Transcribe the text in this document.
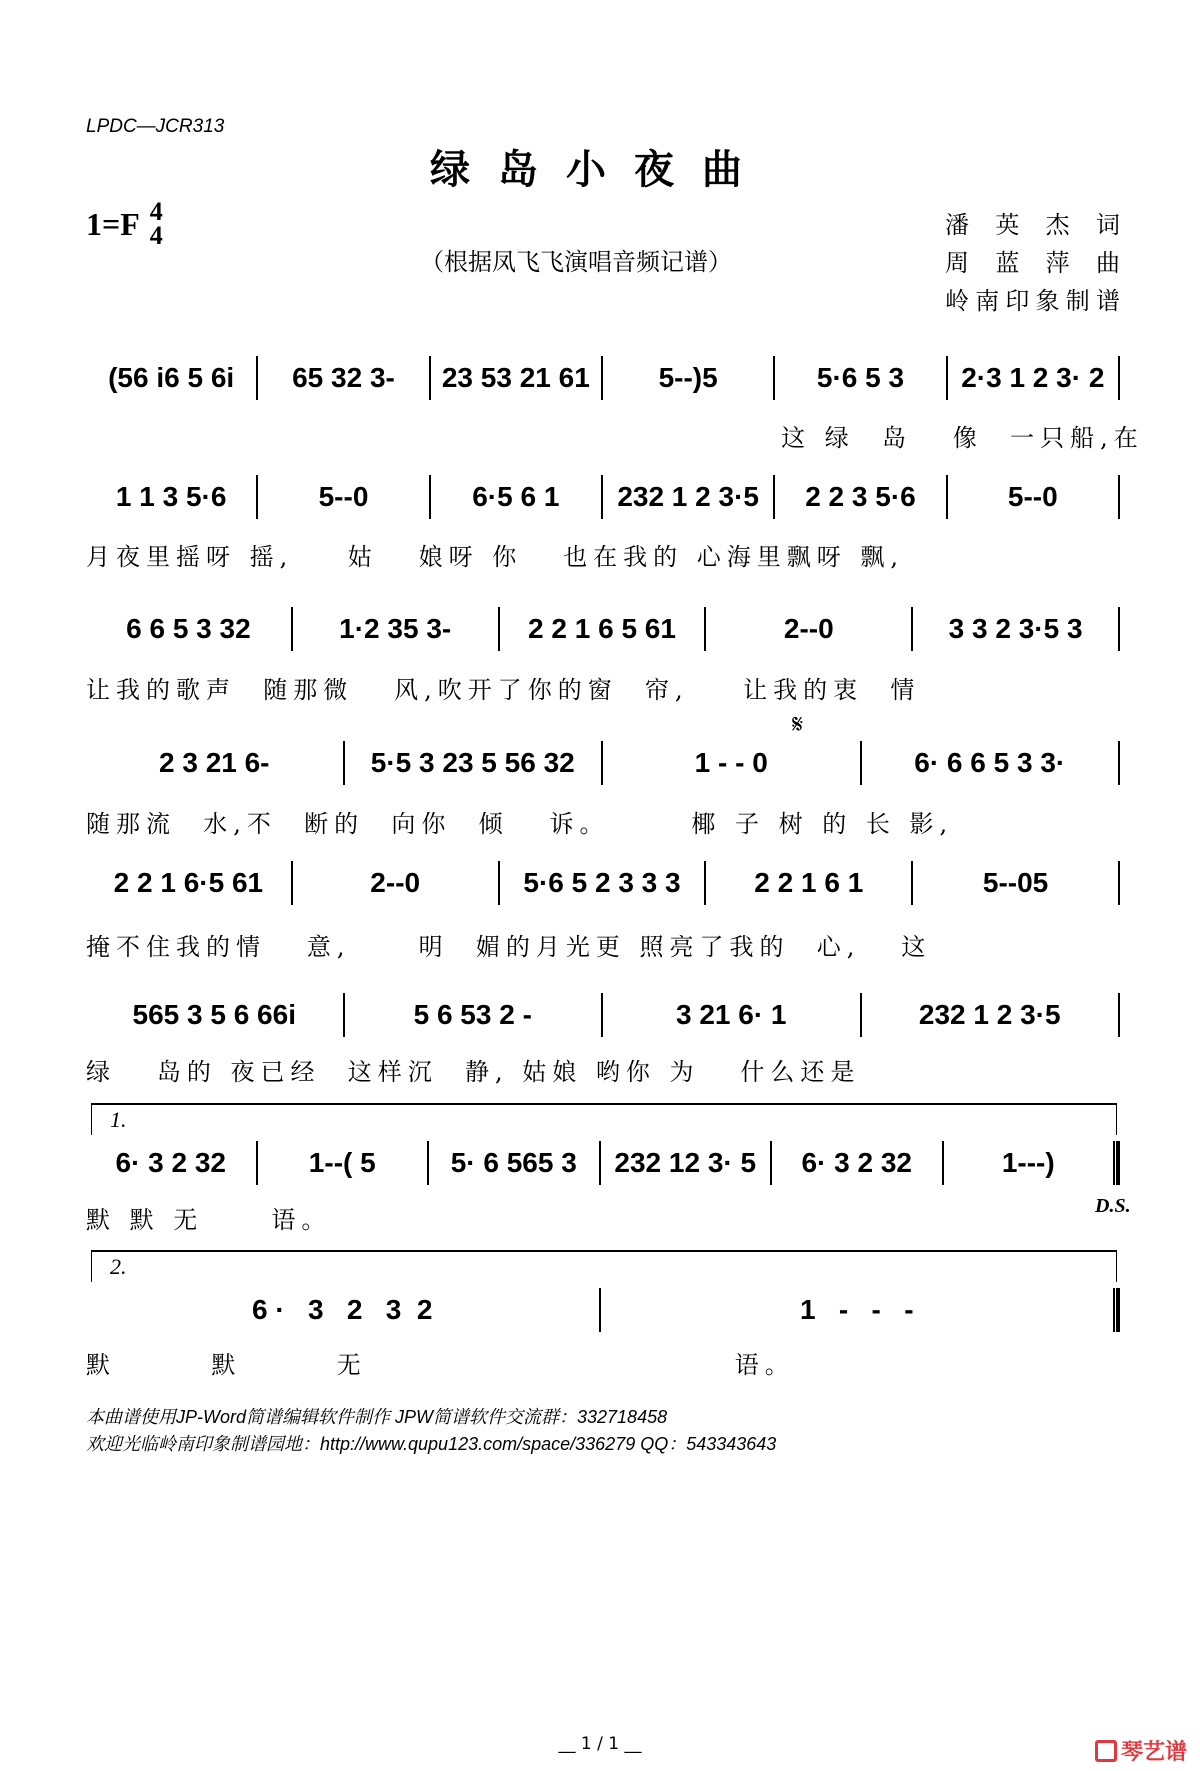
LPDC—JCR313
绿岛小夜曲
1=F 4
4
（根据凤飞飞演唱音频记谱）
潘英杰词
周蓝萍曲
岭南印象制谱
(56 i6 5 6i	65 32 3-	23 53 21 61	5--)5	5·6 5 3	2·3 1 2 3· 2
这 绿  岛   像  一只船,在
1 1 3 5·6	5--0	6·5 6 1	232 1 2 3·5	2 2 3 5·6	5--0
月夜里摇呀 摇,    姑   娘呀 你   也在我的 心海里飘呀 飘,
6 6 5 3 32	1·2 35 3-	2 2 1 6 5 61	2--0	3 3 2 3·5 3
让我的歌声  随那微   风,吹开了你的窗  帘,    让我的衷  情
2 3 21 6-	5·5 3 23 5 56 32	1 - - 0	6· 6 6 5 3 3·
随那流  水,不  断的  向你  倾   诉。      椰 子 树 的 长 影,
2 2 1 6·5 61	2--0	5·6 5 2 3 3 3	2 2 1 6 1	5--05
掩不住我的情   意,     明  媚的月光更 照亮了我的  心,   这
565 3 5 6 66i	5 6 53 2 -	3 21 6· 1	232 1 2 3·5
绿   岛的 夜已经  这样沉  静, 姑娘 哟你 为   什么还是
𝄋
1.
6· 3 2 32	1--( 5	5· 6 565 3	232 12 3· 5	6· 3 2 32	1---)
默 默 无     语。	D.S.
2.
6 ·   3   2   3  2	1   -   -   -
默       默       无                           语。
本曲谱使用JP-Word简谱编辑软件制作 JPW简谱软件交流群：332718458
欢迎光临岭南印象制谱园地：http://www.qupu123.com/space/336279 QQ：543343643
__ 1 / 1 __	琴艺谱
